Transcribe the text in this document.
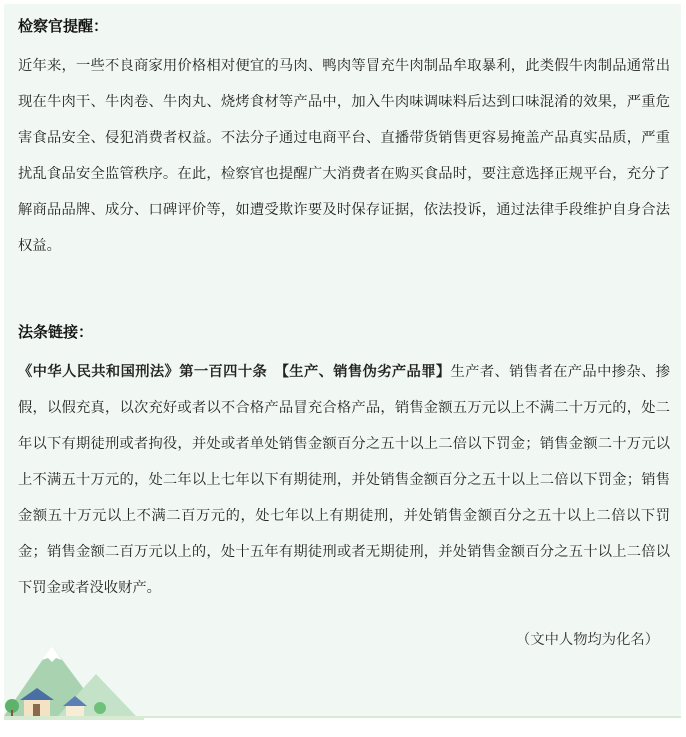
检察官提醒：
近年来，一些不良商家用价格相对便宜的马肉、鸭肉等冒充牛肉制品牟取暴利，此类假牛肉制品通常出现在牛肉干、牛肉卷、牛肉丸、烧烤食材等产品中，加入牛肉味调味料后达到口味混淆的效果，严重危害食品安全、侵犯消费者权益。不法分子通过电商平台、直播带货销售更容易掩盖产品真实品质，严重扰乱食品安全监管秩序。在此，检察官也提醒广大消费者在购买食品时，要注意选择正规平台，充分了解商品品牌、成分、口碑评价等，如遭受欺诈要及时保存证据，依法投诉，通过法律手段维护自身合法权益。
法条链接：
《中华人民共和国刑法》第一百四十条　【生产、销售伪劣产品罪】生产者、销售者在产品中掺杂、掺假，以假充真，以次充好或者以不合格产品冒充合格产品，销售金额五万元以上不满二十万元的，处二年以下有期徒刑或者拘役，并处或者单处销售金额百分之五十以上二倍以下罚金；销售金额二十万元以上不满五十万元的，处二年以上七年以下有期徒刑，并处销售金额百分之五十以上二倍以下罚金；销售金额五十万元以上不满二百万元的，处七年以上有期徒刑，并处销售金额百分之五十以上二倍以下罚金；销售金额二百万元以上的，处十五年有期徒刑或者无期徒刑，并处销售金额百分之五十以上二倍以下罚金或者没收财产。
（文中人物均为化名）
